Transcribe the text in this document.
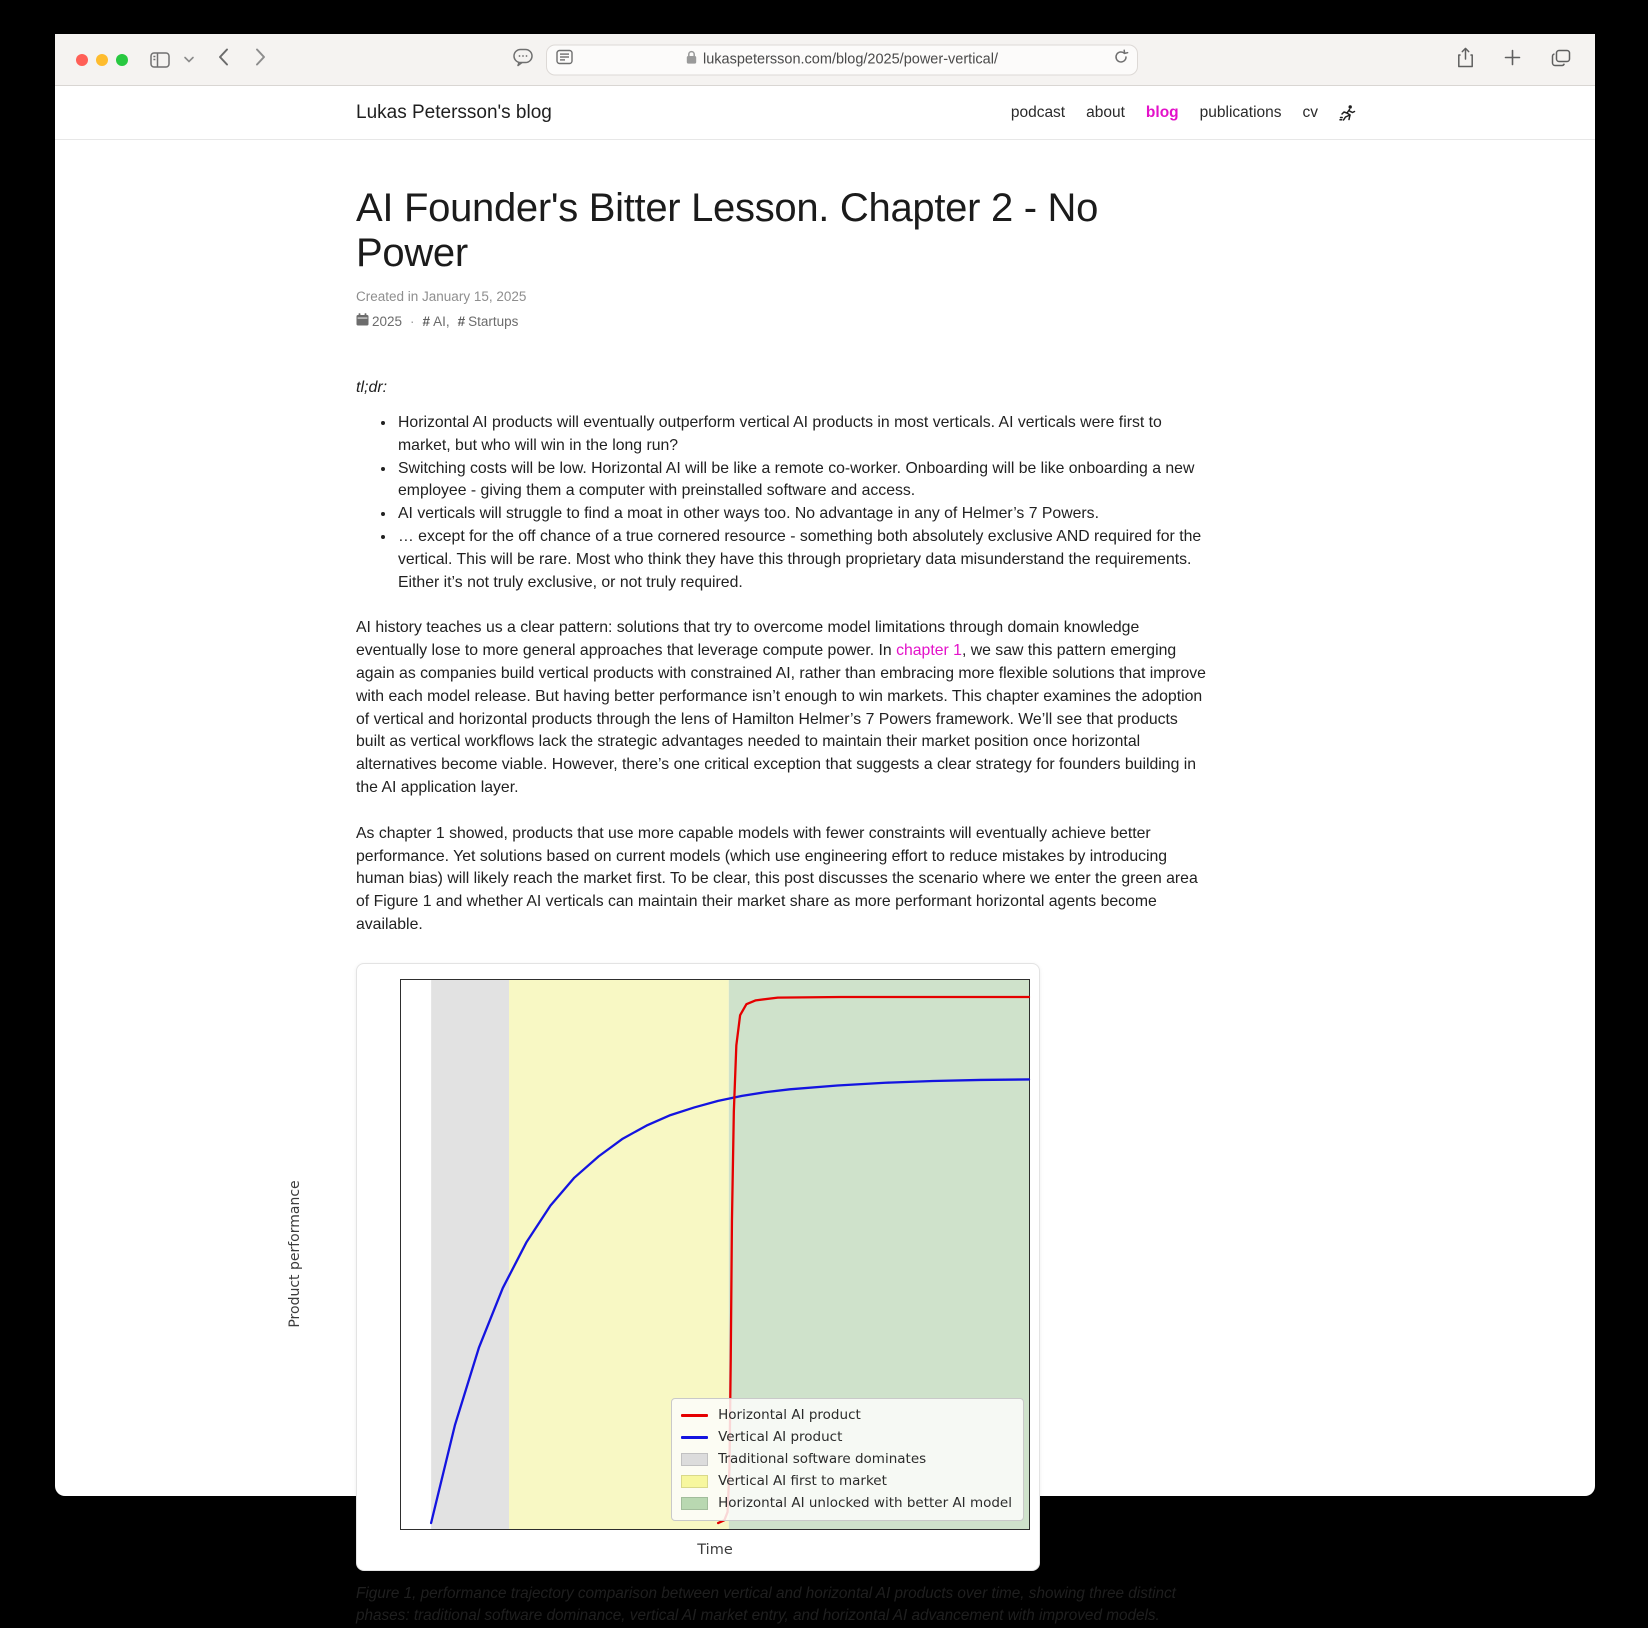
lukaspetersson.com/blog/2025/power-vertical/
Lukas Petersson's blog	podcast about blog publications cv
AI Founder's Bitter Lesson. Chapter 2 - No Power
Created in January 15, 2025
2025 · # AI, # Startups
tl;dr:
• Horizontal AI products will eventually outperform vertical AI products in most verticals. AI verticals were first to market, but who will win in the long run?
• Switching costs will be low. Horizontal AI will be like a remote co-worker. Onboarding will be like onboarding a new employee - giving them a computer with preinstalled software and access.
• AI verticals will struggle to find a moat in other ways too. No advantage in any of Helmer’s 7 Powers.
• … except for the off chance of a true cornered resource - something both absolutely exclusive AND required for the vertical. This will be rare. Most who think they have this through proprietary data misunderstand the requirements. Either it’s not truly exclusive, or not truly required.

AI history teaches us a clear pattern: solutions that try to overcome model limitations through domain knowledge eventually lose to more general approaches that leverage compute power. In chapter 1, we saw this pattern emerging again as companies build vertical products with constrained AI, rather than embracing more flexible solutions that improve with each model release. But having better performance isn’t enough to win markets. This chapter examines the adoption of vertical and horizontal products through the lens of Hamilton Helmer’s 7 Powers framework. We’ll see that products built as vertical workflows lack the strategic advantages needed to maintain their market position once horizontal alternatives become viable. However, there’s one critical exception that suggests a clear strategy for founders building in the AI application layer.

As chapter 1 showed, products that use more capable models with fewer constraints will eventually achieve better performance. Yet solutions based on current models (which use engineering effort to reduce mistakes by introducing human bias) will likely reach the market first. To be clear, this post discusses the scenario where we enter the green area of Figure 1 and whether AI verticals can maintain their market share as more performant horizontal agents become available.

Horizontal AI product
Vertical AI product
Traditional software dominates
Vertical AI first to market
Horizontal AI unlocked with better AI model
Product performance
Time

Figure 1, performance trajectory comparison between vertical and horizontal AI products over time, showing three distinct phases: traditional software dominance, vertical AI market entry, and horizontal AI advancement with improved models.
